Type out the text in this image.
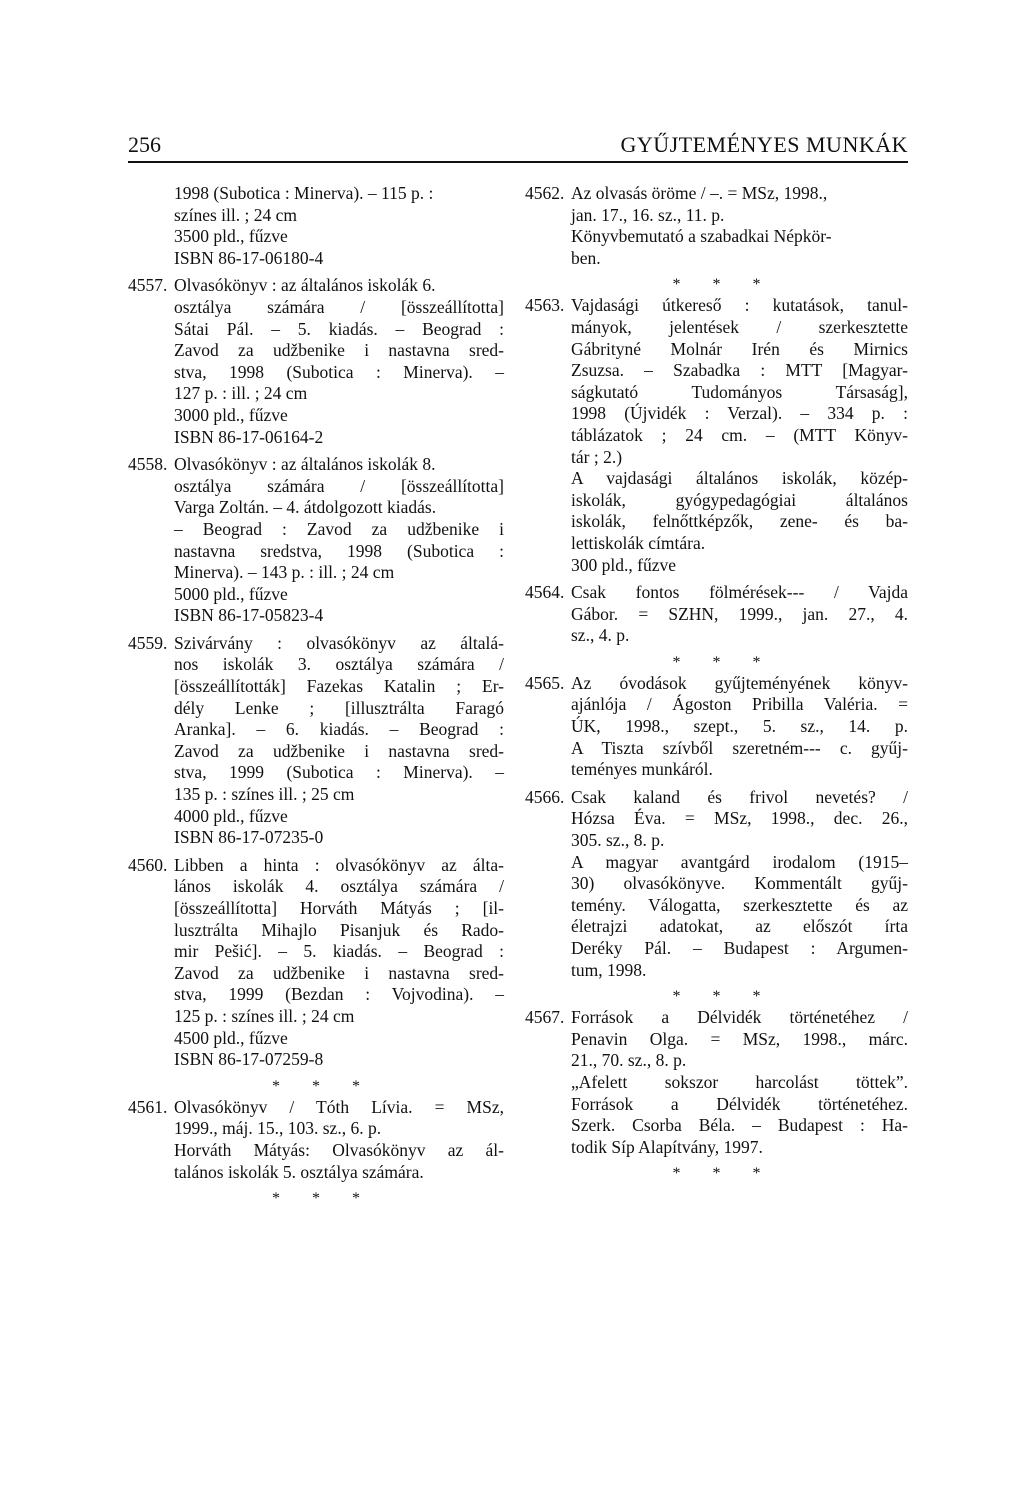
256	GYŰJTEMÉNYES MUNKÁK
1998 (Subotica : Minerva). – 115 p. :
színes ill. ; 24 cm
3500 pld., fűzve
ISBN 86-17-06180-4
4557. Olvasókönyv : az általános iskolák 6.
osztálya számára / [összeállította]
Sátai Pál. – 5. kiadás. – Beograd :
Zavod za udžbenike i nastavna sred-
stva, 1998 (Subotica : Minerva). –
127 p. : ill. ; 24 cm
3000 pld., fűzve
ISBN 86-17-06164-2
4558. Olvasókönyv : az általános iskolák 8.
osztálya számára / [összeállította]
Varga Zoltán. – 4. átdolgozott kiadás.
– Beograd : Zavod za udžbenike i
nastavna sredstva, 1998 (Subotica :
Minerva). – 143 p. : ill. ; 24 cm
5000 pld., fűzve
ISBN 86-17-05823-4
4559. Szivárvány : olvasókönyv az általá-
nos iskolák 3. osztálya számára /
[összeállították] Fazekas Katalin ; Er-
dély Lenke ; [illusztrálta Faragó
Aranka]. – 6. kiadás. – Beograd :
Zavod za udžbenike i nastavna sred-
stva, 1999 (Subotica : Minerva). –
135 p. : színes ill. ; 25 cm
4000 pld., fűzve
ISBN 86-17-07235-0
4560. Libben a hinta : olvasókönyv az álta-
lános iskolák 4. osztálya számára /
[összeállította] Horváth Mátyás ; [il-
lusztrálta Mihajlo Pisanjuk és Rado-
mir Pešić]. – 5. kiadás. – Beograd :
Zavod za udžbenike i nastavna sred-
stva, 1999 (Bezdan : Vojvodina). –
125 p. : színes ill. ; 24 cm
4500 pld., fűzve
ISBN 86-17-07259-8
* * *
4561. Olvasókönyv / Tóth Lívia. = MSz,
1999., máj. 15., 103. sz., 6. p.
Horváth Mátyás: Olvasókönyv az ál-
talános iskolák 5. osztálya számára.
* * *
4562. Az olvasás öröme / –. = MSz, 1998.,
jan. 17., 16. sz., 11. p.
Könyvbemutató a szabadkai Népkör-
ben.
* * *
4563. Vajdasági útkereső : kutatások, tanul-
mányok, jelentések / szerkesztette
Gábrityné Molnár Irén és Mirnics
Zsuzsa. – Szabadka : MTT [Magyar-
ságkutató Tudományos Társaság],
1998 (Újvidék : Verzal). – 334 p. :
táblázatok ; 24 cm. – (MTT Könyv-
tár ; 2.)
A vajdasági általános iskolák, közép-
iskolák, gyógypedagógiai általános
iskolák, felnőttképzők, zene- és ba-
lettiskolák címtára.
300 pld., fűzve
4564. Csak fontos fölmérések--- / Vajda
Gábor. = SZHN, 1999., jan. 27., 4.
sz., 4. p.
* * *
4565. Az óvodások gyűjteményének könyv-
ajánlója / Ágoston Pribilla Valéria. =
ÚK, 1998., szept., 5. sz., 14. p.
A Tiszta szívből szeretném--- c. gyűj-
teményes munkáról.
4566. Csak kaland és frivol nevetés? /
Hózsa Éva. = MSz, 1998., dec. 26.,
305. sz., 8. p.
A magyar avantgárd irodalom (1915–
30) olvasókönyve. Kommentált gyűj-
temény. Válogatta, szerkesztette és az
életrajzi adatokat, az előszót írta
Deréky Pál. – Budapest : Argumen-
tum, 1998.
* * *
4567. Források a Délvidék történetéhez /
Penavin Olga. = MSz, 1998., márc.
21., 70. sz., 8. p.
„Afelett sokszor harcolást töttek”.
Források a Délvidék történetéhez.
Szerk. Csorba Béla. – Budapest : Ha-
todik Síp Alapítvány, 1997.
* * *
